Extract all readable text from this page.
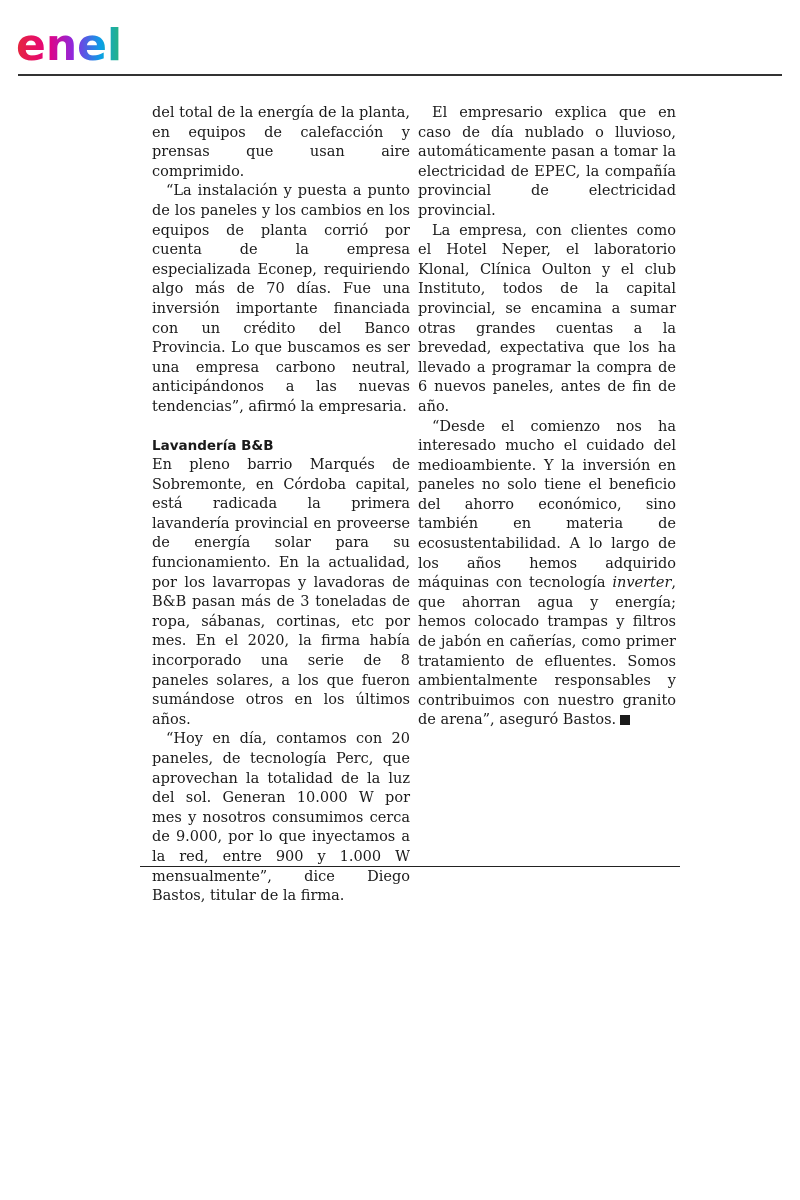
enel

del total de la energía de la planta, en equipos de calefacción y prensas que usan aire comprimido.

“La instalación y puesta a punto de los paneles y los cambios en los equipos de planta corrió por cuenta de la empresa especializada Econep, requiriendo algo más de 70 días. Fue una inversión importante financiada con un crédito del Banco Provincia. Lo que buscamos es ser una empresa carbono neutral, anticipándonos a las nuevas tendencias”, afirmó la empresaria.

Lavandería B&B

En pleno barrio Marqués de Sobremonte, en Córdoba capital, está radicada la primera lavandería provincial en proveerse de energía solar para su funcionamiento. En la actualidad, por los lavarropas y lavadoras de B&B pasan más de 3 toneladas de ropa, sábanas, cortinas, etc por mes. En el 2020, la firma había incorporado una serie de 8 paneles solares, a los que fueron sumándose otros en los últimos años.

“Hoy en día, contamos con 20 paneles, de tecnología Perc, que aprovechan la totalidad de la luz del sol. Generan 10.000 W por mes y nosotros consumimos cerca de 9.000, por lo que inyectamos a la red, entre 900 y 1.000 W mensualmente”, dice Diego Bastos, titular de la firma.

El empresario explica que en caso de día nublado o lluvioso, automáticamente pasan a tomar la electricidad de EPEC, la compañía provincial de electricidad provincial.

La empresa, con clientes como el Hotel Neper, el laboratorio Klonal, Clínica Oulton y el club Instituto, todos de la capital provincial, se encamina a sumar otras grandes cuentas a la brevedad, expectativa que los ha llevado a programar la compra de 6 nuevos paneles, antes de fin de año.

“Desde el comienzo nos ha interesado mucho el cuidado del medioambiente. Y la inversión en paneles no solo tiene el beneficio del ahorro económico, sino también en materia de ecosustentabilidad. A lo largo de los años hemos adquirido máquinas con tecnología inverter, que ahorran agua y energía; hemos colocado trampas y filtros de jabón en cañerías, como primer tratamiento de efluentes. Somos ambientalmente responsables y contribuimos con nuestro granito de arena”, aseguró Bastos.
